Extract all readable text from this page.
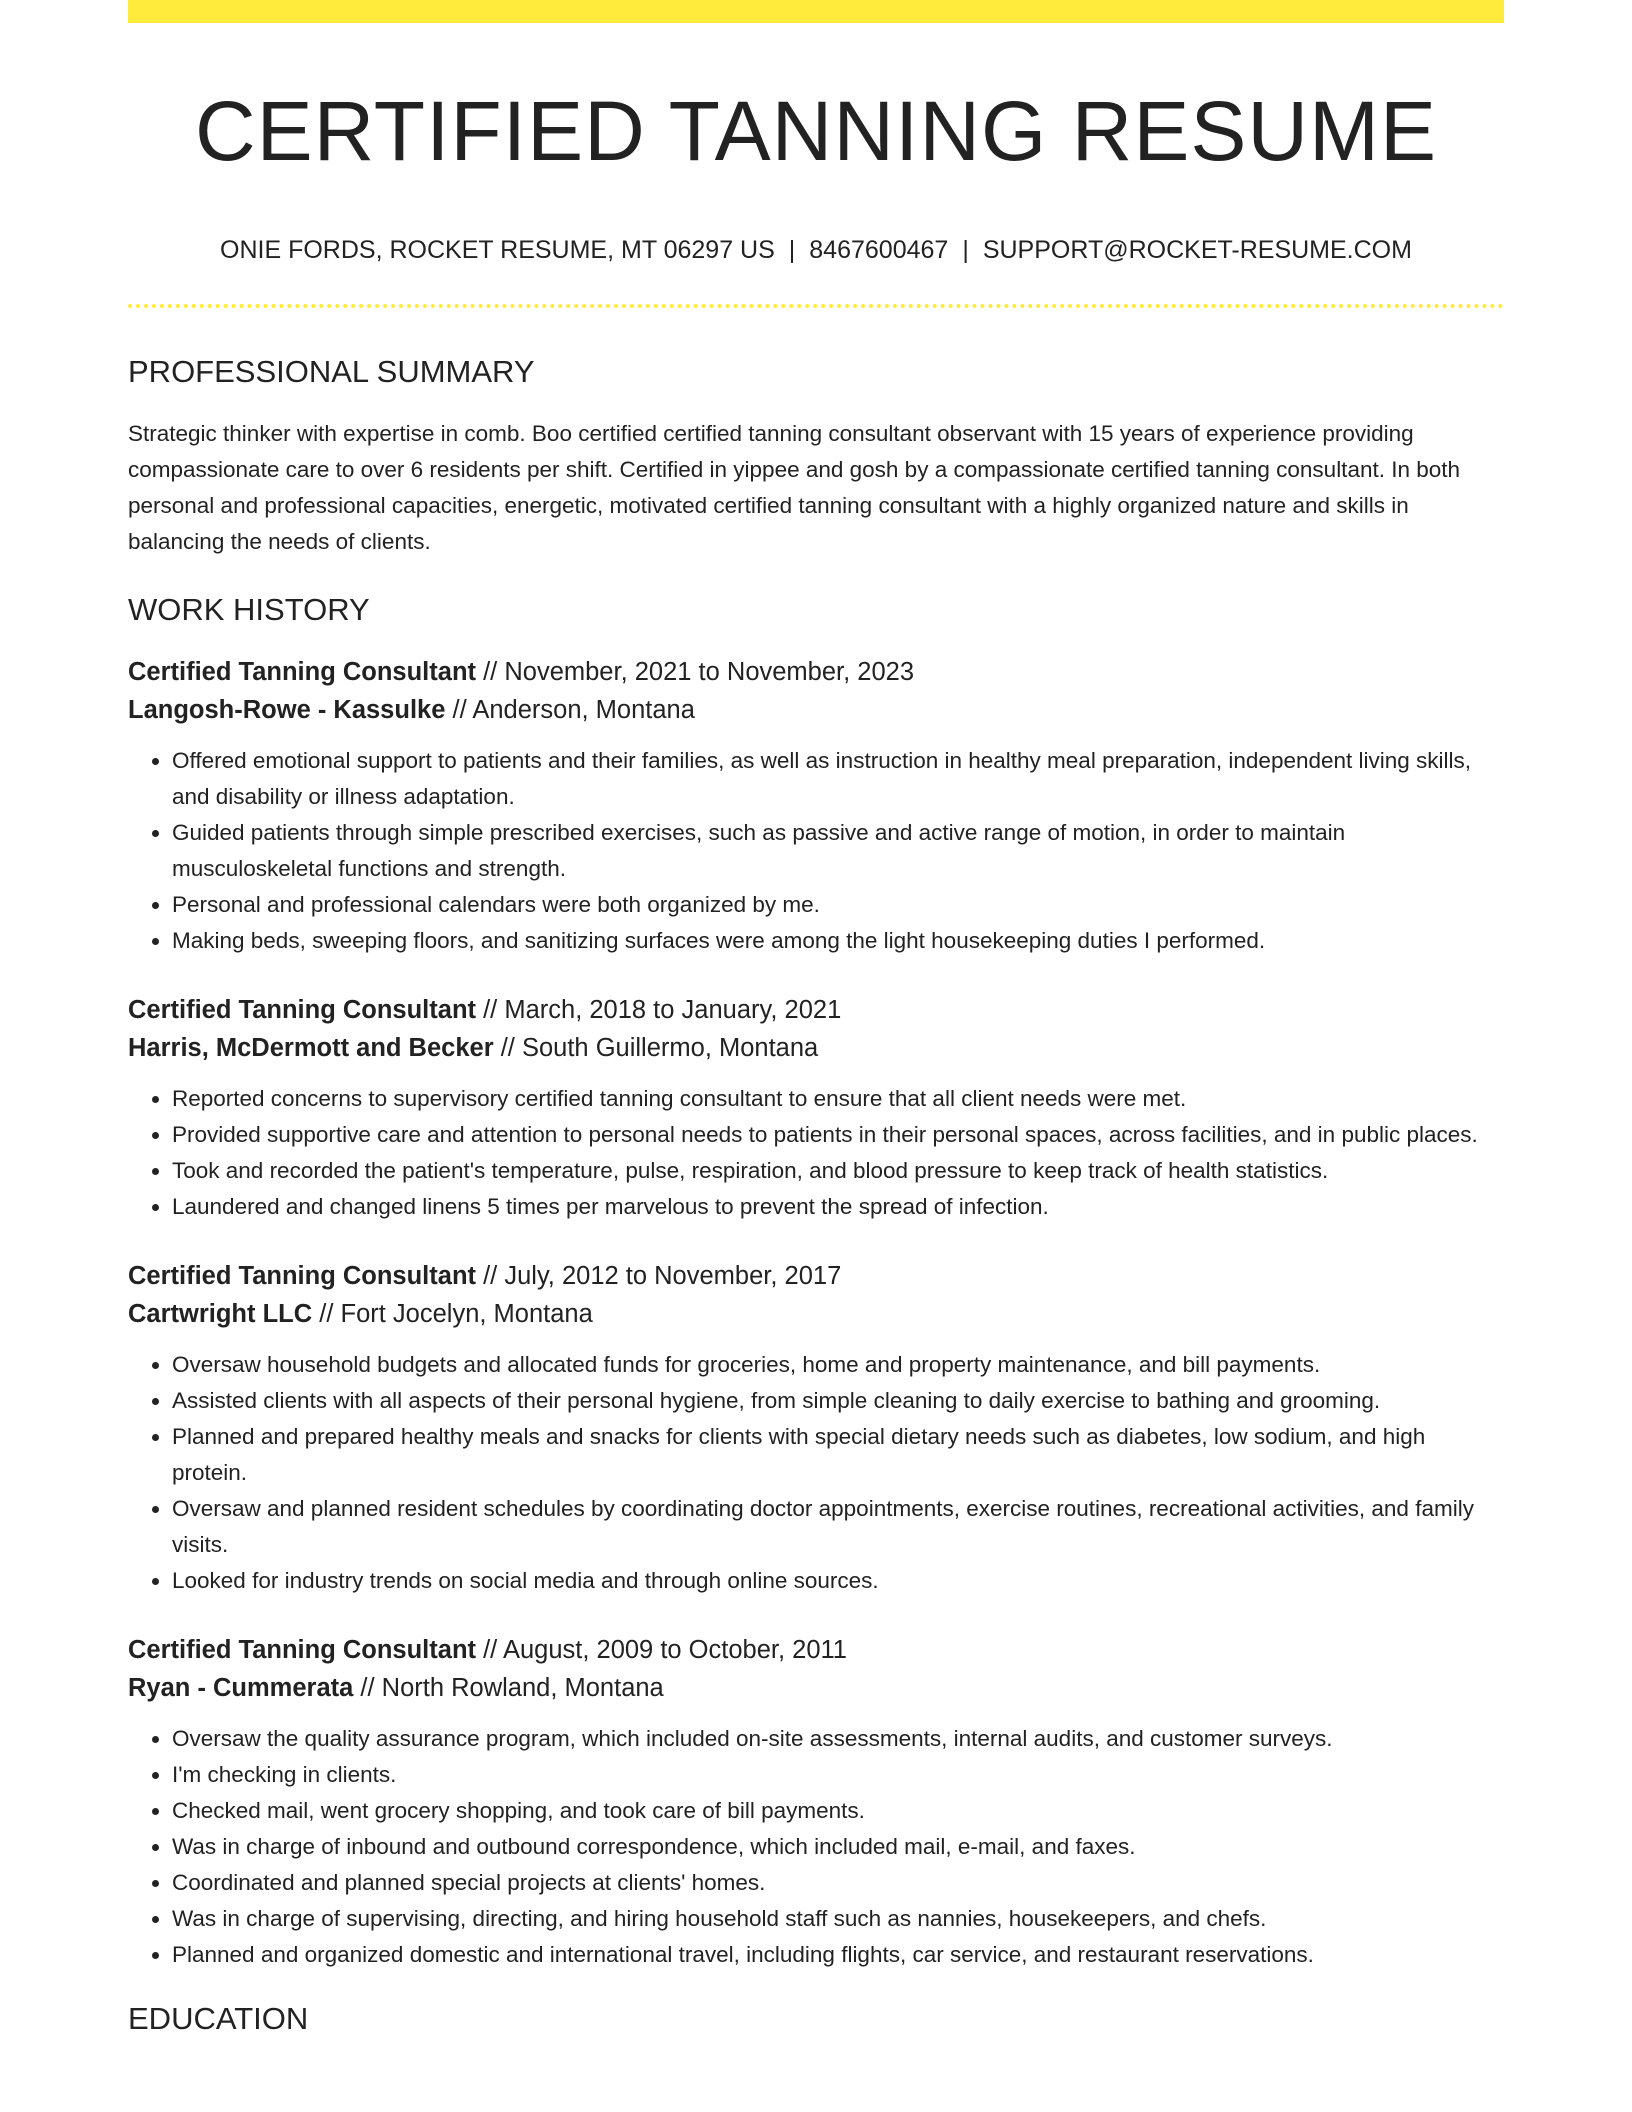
CERTIFIED TANNING RESUME
ONIE FORDS, ROCKET RESUME, MT 06297 US | 8467600467 | SUPPORT@ROCKET-RESUME.COM
PROFESSIONAL SUMMARY

Strategic thinker with expertise in comb. Boo certified certified tanning consultant observant with 15 years of experience providing compassionate care to over 6 residents per shift. Certified in yippee and gosh by a compassionate certified tanning consultant. In both personal and professional capacities, energetic, motivated certified tanning consultant with a highly organized nature and skills in balancing the needs of clients.

WORK HISTORY
Certified Tanning Consultant // November, 2021 to November, 2023
Langosh-Rowe - Kassulke // Anderson, Montana
• Offered emotional support to patients and their families, as well as instruction in healthy meal preparation, independent living skills, and disability or illness adaptation.
• Guided patients through simple prescribed exercises, such as passive and active range of motion, in order to maintain musculoskeletal functions and strength.
• Personal and professional calendars were both organized by me.
• Making beds, sweeping floors, and sanitizing surfaces were among the light housekeeping duties I performed.
Certified Tanning Consultant // March, 2018 to January, 2021
Harris, McDermott and Becker // South Guillermo, Montana
• Reported concerns to supervisory certified tanning consultant to ensure that all client needs were met.
• Provided supportive care and attention to personal needs to patients in their personal spaces, across facilities, and in public places.
• Took and recorded the patient's temperature, pulse, respiration, and blood pressure to keep track of health statistics.
• Laundered and changed linens 5 times per marvelous to prevent the spread of infection.
Certified Tanning Consultant // July, 2012 to November, 2017
Cartwright LLC // Fort Jocelyn, Montana
• Oversaw household budgets and allocated funds for groceries, home and property maintenance, and bill payments.
• Assisted clients with all aspects of their personal hygiene, from simple cleaning to daily exercise to bathing and grooming.
• Planned and prepared healthy meals and snacks for clients with special dietary needs such as diabetes, low sodium, and high protein.
• Oversaw and planned resident schedules by coordinating doctor appointments, exercise routines, recreational activities, and family visits.
• Looked for industry trends on social media and through online sources.
Certified Tanning Consultant // August, 2009 to October, 2011
Ryan - Cummerata // North Rowland, Montana
• Oversaw the quality assurance program, which included on-site assessments, internal audits, and customer surveys.
• I'm checking in clients.
• Checked mail, went grocery shopping, and took care of bill payments.
• Was in charge of inbound and outbound correspondence, which included mail, e-mail, and faxes.
• Coordinated and planned special projects at clients' homes.
• Was in charge of supervising, directing, and hiring household staff such as nannies, housekeepers, and chefs.
• Planned and organized domestic and international travel, including flights, car service, and restaurant reservations.
EDUCATION
